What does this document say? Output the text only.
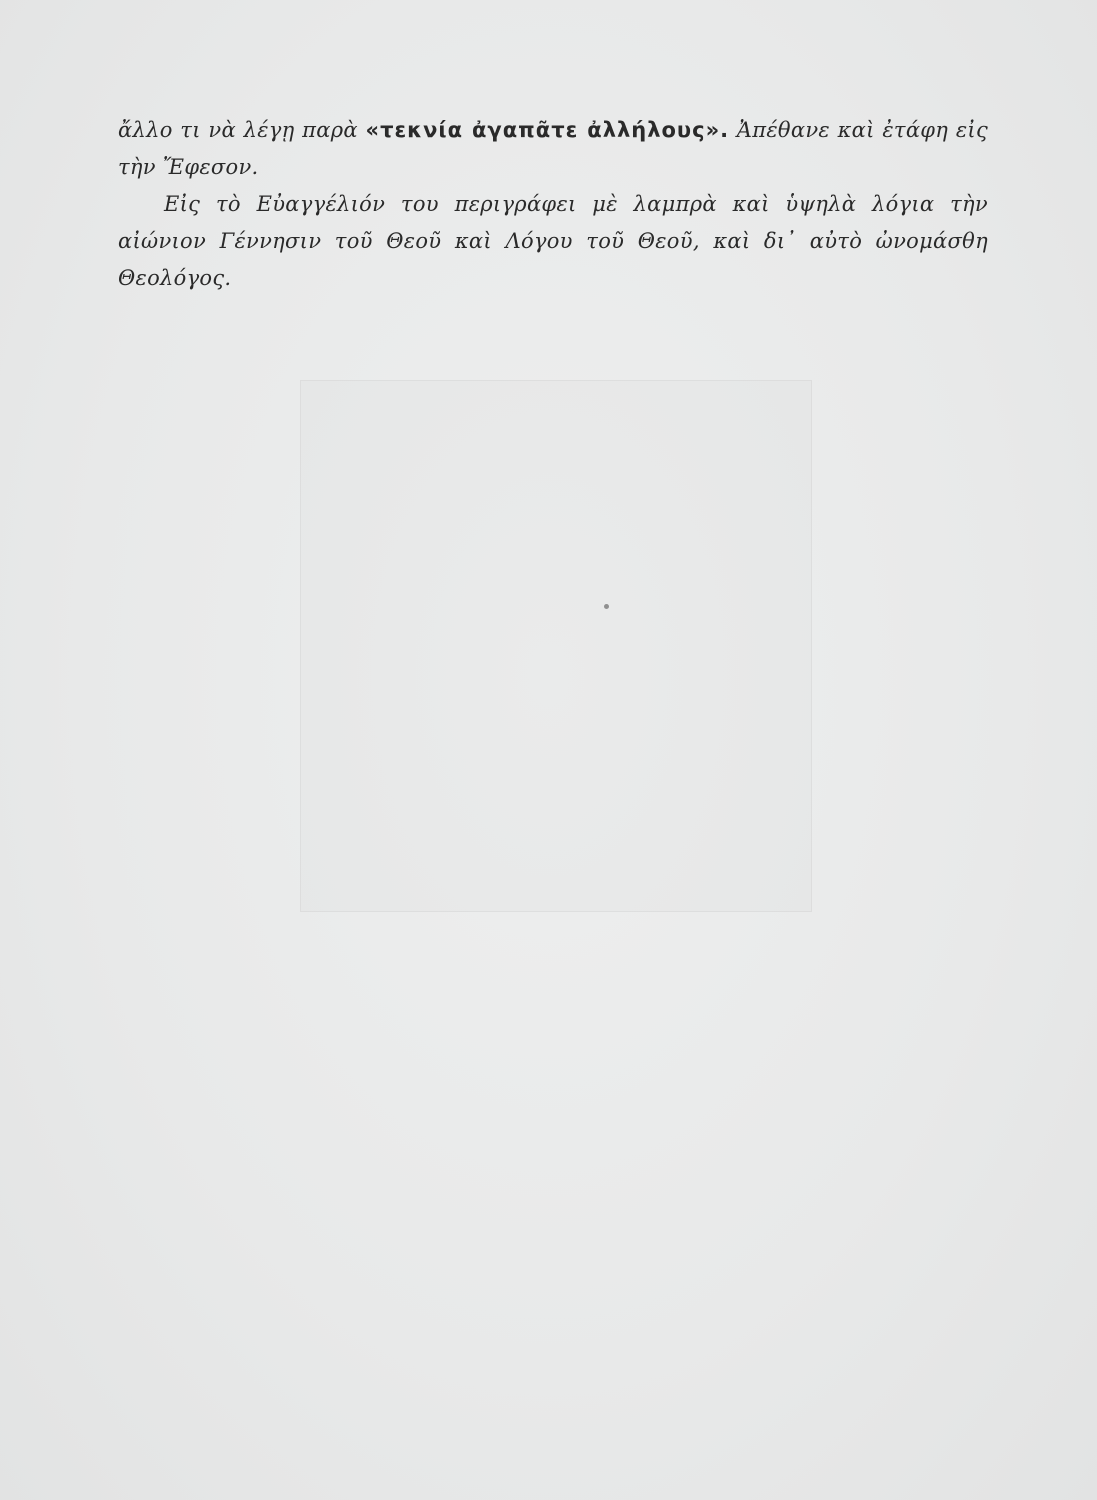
ἄλλο τι νὰ λέγῃ παρὰ «τεκνία ἀγαπᾶτε ἀλλήλους». Ἀπέθανε καὶ ἐτάφη εἰς τὴν Ἔφεσον.

Εἰς τὸ Εὐαγγέλιόν του περιγράφει μὲ λαμπρὰ καὶ ὑψηλὰ λόγια τὴν αἰώνιον Γέννησιν τοῦ Θεοῦ καὶ Λόγου τοῦ Θεοῦ, καὶ δι᾽ αὐτὸ ὠνομάσθη Θεολόγος.
